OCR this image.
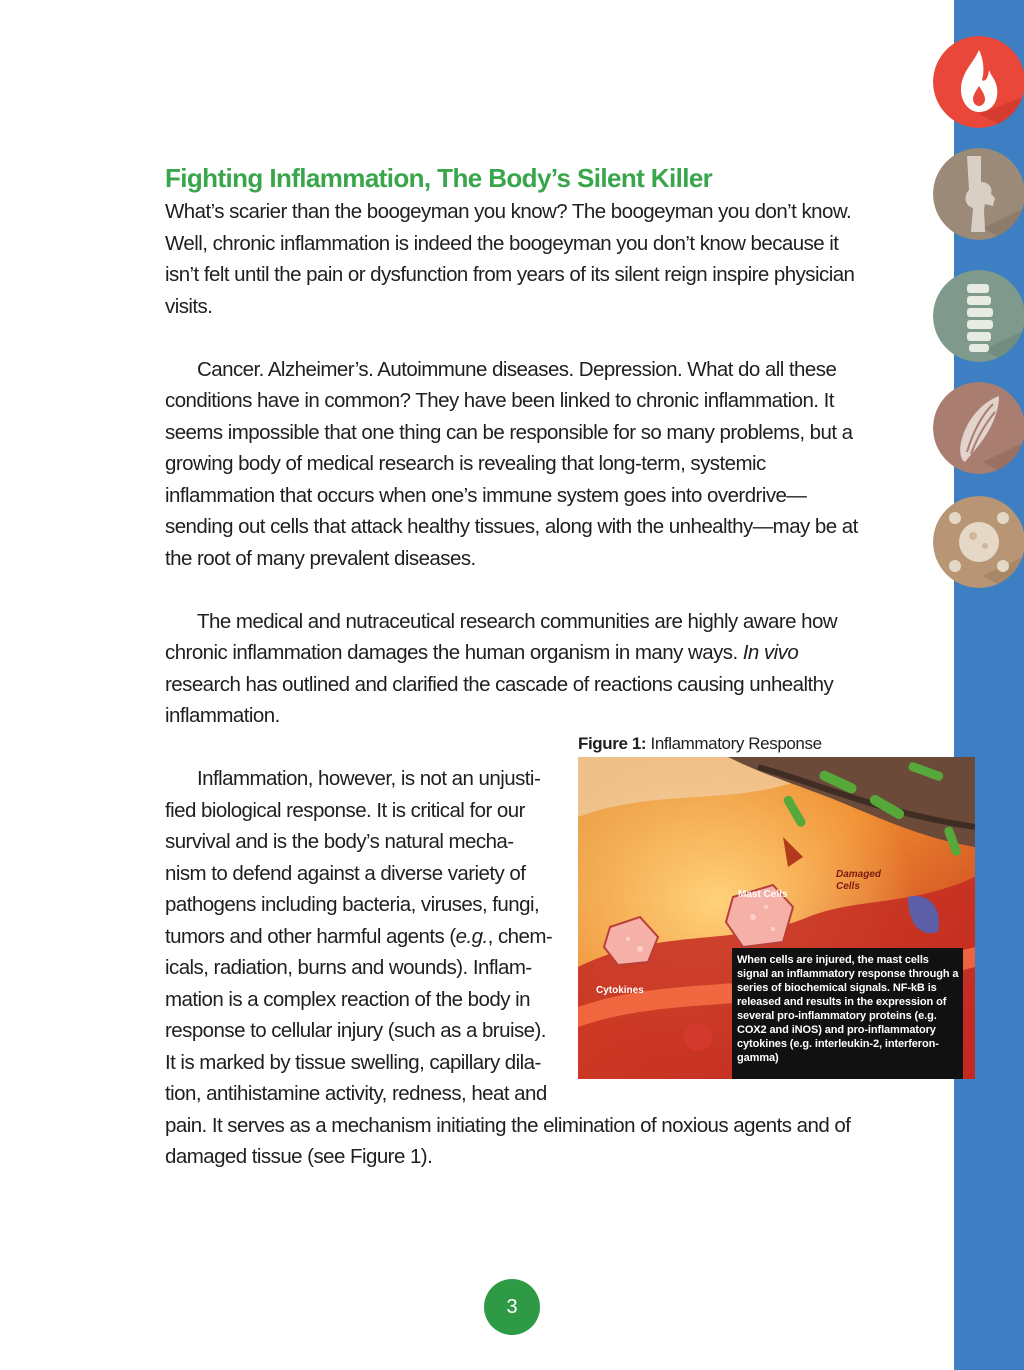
Fighting Inflammation, The Body’s Silent Killer

What’s scarier than the boogeyman you know? The boogeyman you don’t know. Well, chronic inflammation is indeed the boogeyman you don’t know because it isn’t felt until the pain or dysfunction from years of its silent reign inspire physician visits.

Cancer. Alzheimer’s. Autoimmune diseases. Depression. What do all these conditions have in common? They have been linked to chronic inflammation. It seems impossible that one thing can be responsible for so many problems, but a growing body of medical research is revealing that long-term, systemic inflammation that occurs when one’s immune system goes into overdrive—sending out cells that attack healthy tissues, along with the unhealthy—may be at the root of many prevalent diseases.

The medical and nutraceutical research communities are highly aware how chronic inflammation damages the human organism in many ways. In vivo research has outlined and clarified the cascade of reactions causing unhealthy inflammation.

Inflammation, however, is not an unjusti-

fied biological response. It is critical for our

survival and is the body’s natural mecha-

nism to defend against a diverse variety of

pathogens including bacteria, viruses, fungi,

tumors and other harmful agents (e.g., chem-

icals, radiation, burns and wounds). Inflam-

mation is a complex reaction of the body in

response to cellular injury (such as a bruise).

It is marked by tissue swelling, capillary dila-

tion, antihistamine activity, redness, heat and

pain. It serves as a mechanism initiating the elimination of noxious agents and of damaged tissue (see Figure 1).

Figure 1: Inflammatory Response
Mast Cells
Damaged Cells
Cytokines
When cells are injured, the mast cells signal an inflammatory response through a series of biochemical signals. NF-kB is released and results in the expression of several pro-inflammatory proteins (e.g. COX2 and iNOS) and pro-inflammatory cytokines (e.g. interleukin-2, interferon-gamma)
3
